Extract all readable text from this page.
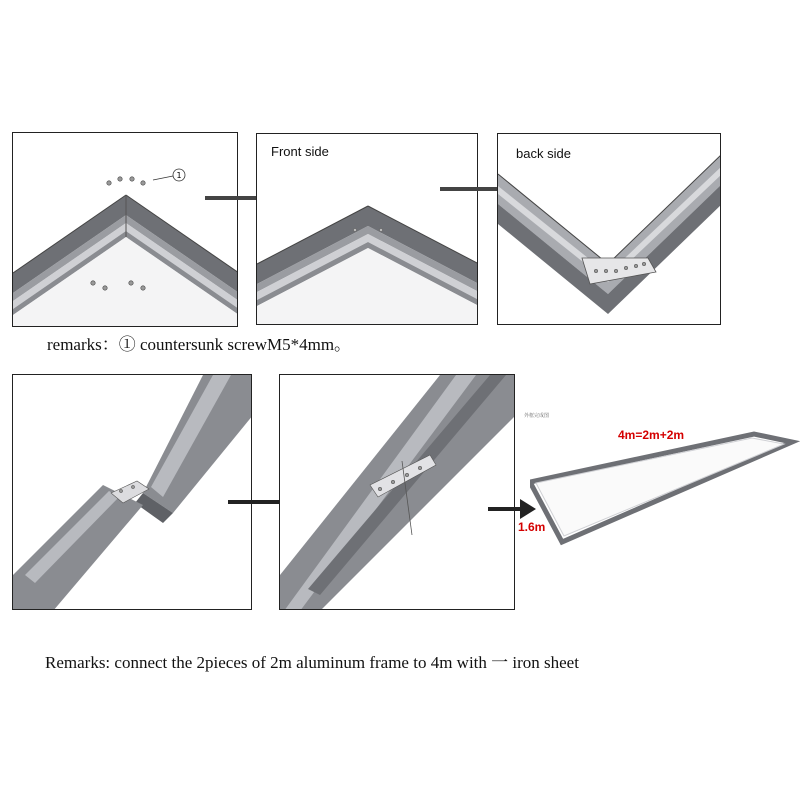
1
Front side	back side
remarks：① countersunk screwM5*4mm。
外框完成图
4m=2m+2m
1.6m
Remarks: connect the 2pieces of 2m aluminum frame to 4m with 一 iron sheet
